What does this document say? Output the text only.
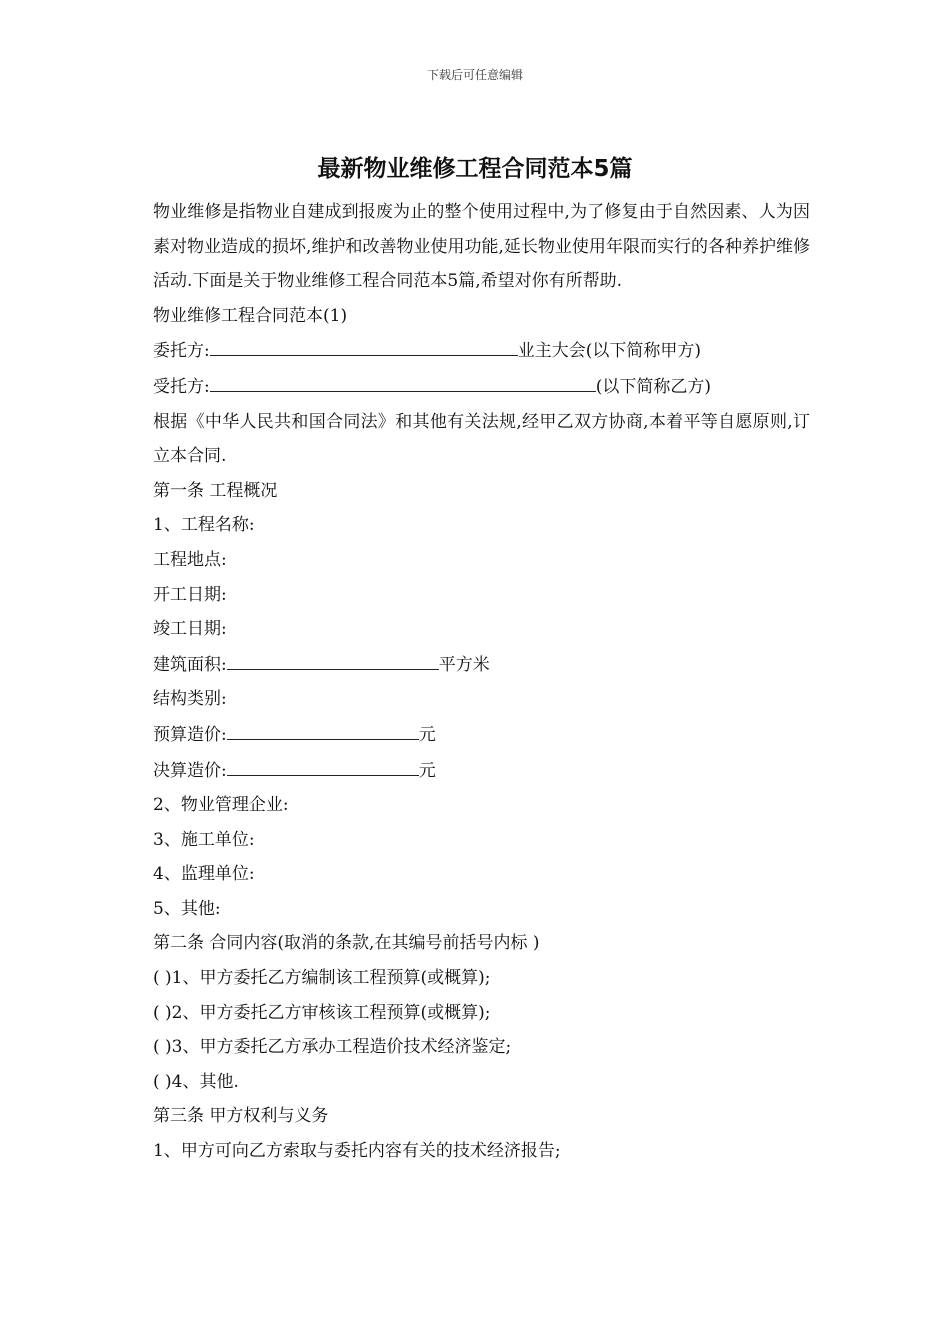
下载后可任意编辑
最新物业维修工程合同范本5篇

物业维修是指物业自建成到报废为止的整个使用过程中,为了修复由于自然因素、人为因素对物业造成的损坏,维护和改善物业使用功能,延长物业使用年限而实行的各种养护维修活动.下面是关于物业维修工程合同范本5篇,希望对你有所帮助.

物业维修工程合同范本(1)

委托方:	业主大会(以下简称甲方)

受托方:	(以下简称乙方)

根据《中华人民共和国合同法》和其他有关法规,经甲乙双方协商,本着平等自愿原则,订立本合同.

第一条 工程概况

1、工程名称:

工程地点:

开工日期:

竣工日期:

建筑面积:	平方米

结构类别:

预算造价:	元

决算造价:	元

2、物业管理企业:

3、施工单位:

4、监理单位:

5、其他:

第二条 合同内容(取消的条款,在其编号前括号内标 )

( )1、甲方委托乙方编制该工程预算(或概算);

( )2、甲方委托乙方审核该工程预算(或概算);

( )3、甲方委托乙方承办工程造价技术经济鉴定;

( )4、其他.

第三条 甲方权利与义务

1、甲方可向乙方索取与委托内容有关的技术经济报告;
